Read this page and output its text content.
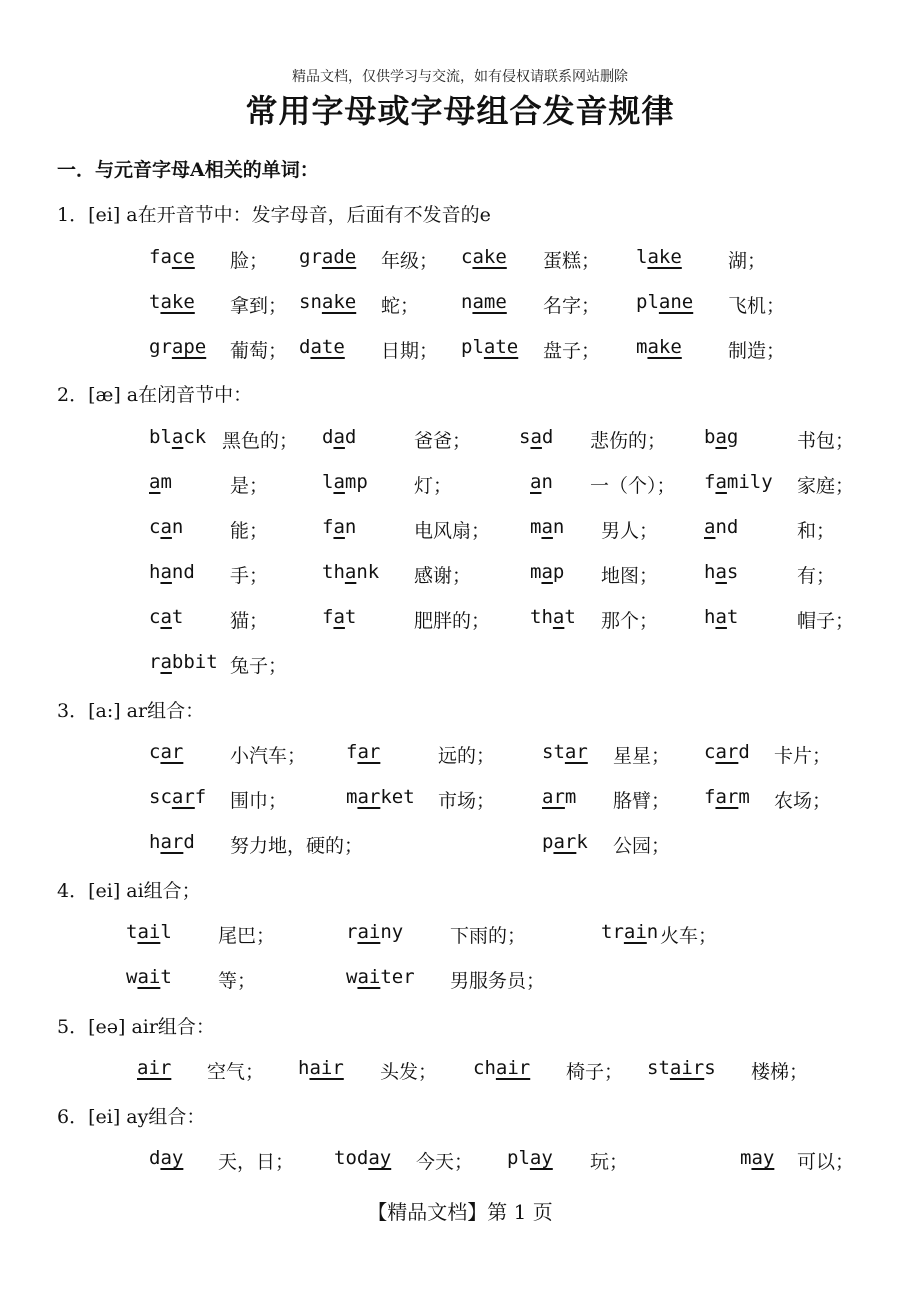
精品文档，仅供学习与交流，如有侵权请联系网站删除
常用字母或字母组合发音规律
一．与元音字母A相关的单词：
1．[ei] a在开音节中：发字母音，后面有不发音的e
2．[æ] a在闭音节中：
3．[a:] ar组合：
4．[ei] ai组合；
5．[eə] air组合：
6．[ei] ay组合：
face 脸； grade 年级； cake 蛋糕； lake 湖；
take 拿到； snake 蛇； name 名字； plane 飞机；
grape 葡萄； date 日期； plate 盘子； make 制造；
black 黑色的； dad	爸爸；	sad 悲伤的； bag	书包；
am	是；	lamp 灯；	an 一（个）； family 家庭；
can 能；	fan	电风扇； man 男人； and	和；
hand 手；	thank 感谢；	map 地图； has	有；
cat 猫；	fat	肥胖的； that 那个； hat	帽子；
rabbit 兔子；
car 小汽车； far	远的； star 星星； card 卡片；
scarf 围巾；	market 市场； arm 胳臂； farm 农场；
hard 努力地，硬的；	park 公园；
tail 尾巴；	rainy 下雨的；	train 火车；
wait 等；	waiter 男服务员；
air 空气； hair 头发； chair 椅子； stairs 楼梯；
day 天，日； today 今天； play 玩；	may 可以；
【精品文档】第 1 页
